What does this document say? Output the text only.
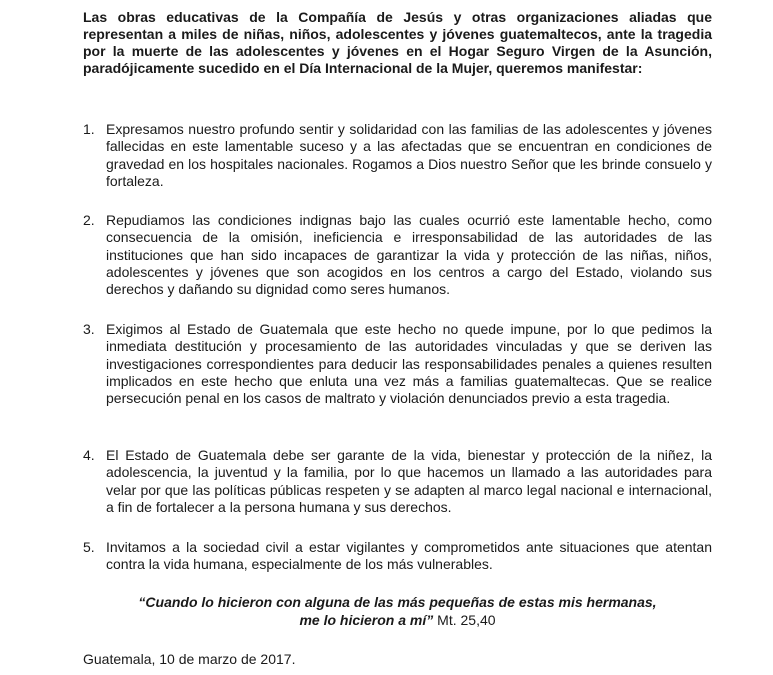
Las obras educativas de la Compañía de Jesús y otras organizaciones aliadas que representan a miles de niñas, niños, adolescentes y jóvenes guatemaltecos, ante la tragedia por la muerte de las adolescentes y jóvenes en el Hogar Seguro Virgen de la Asunción, paradójicamente sucedido en el Día Internacional de la Mujer, queremos manifestar:

1. Expresamos nuestro profundo sentir y solidaridad con las familias de las adolescentes y jóvenes fallecidas en este lamentable suceso y a las afectadas que se encuentran en condiciones de gravedad en los hospitales nacionales. Rogamos a Dios nuestro Señor que les brinde consuelo y fortaleza.

2. Repudiamos las condiciones indignas bajo las cuales ocurrió este lamentable hecho, como consecuencia de la omisión, ineficiencia e irresponsabilidad de las autoridades de las instituciones que han sido incapaces de garantizar la vida y protección de las niñas, niños, adolescentes y jóvenes que son acogidos en los centros a cargo del Estado, violando sus derechos y dañando su dignidad como seres humanos.

3. Exigimos al Estado de Guatemala que este hecho no quede impune, por lo que pedimos la inmediata destitución y procesamiento de las autoridades vinculadas y que se deriven las investigaciones correspondientes para deducir las responsabilidades penales a quienes resulten implicados en este hecho que enluta una vez más a familias guatemaltecas. Que se realice persecución penal en los casos de maltrato y violación denunciados previo a esta tragedia.

4. El Estado de Guatemala debe ser garante de la vida, bienestar y protección de la niñez, la adolescencia, la juventud y la familia, por lo que hacemos un llamado a las autoridades para velar por que las políticas públicas respeten y se adapten al marco legal nacional e internacional, a fin de fortalecer a la persona humana y sus derechos.

5. Invitamos a la sociedad civil a estar vigilantes y comprometidos ante situaciones que atentan contra la vida humana, especialmente de los más vulnerables.

“Cuando lo hicieron con alguna de las más pequeñas de estas mis hermanas,
me lo hicieron a mí” Mt. 25,40

Guatemala, 10 de marzo de 2017.
